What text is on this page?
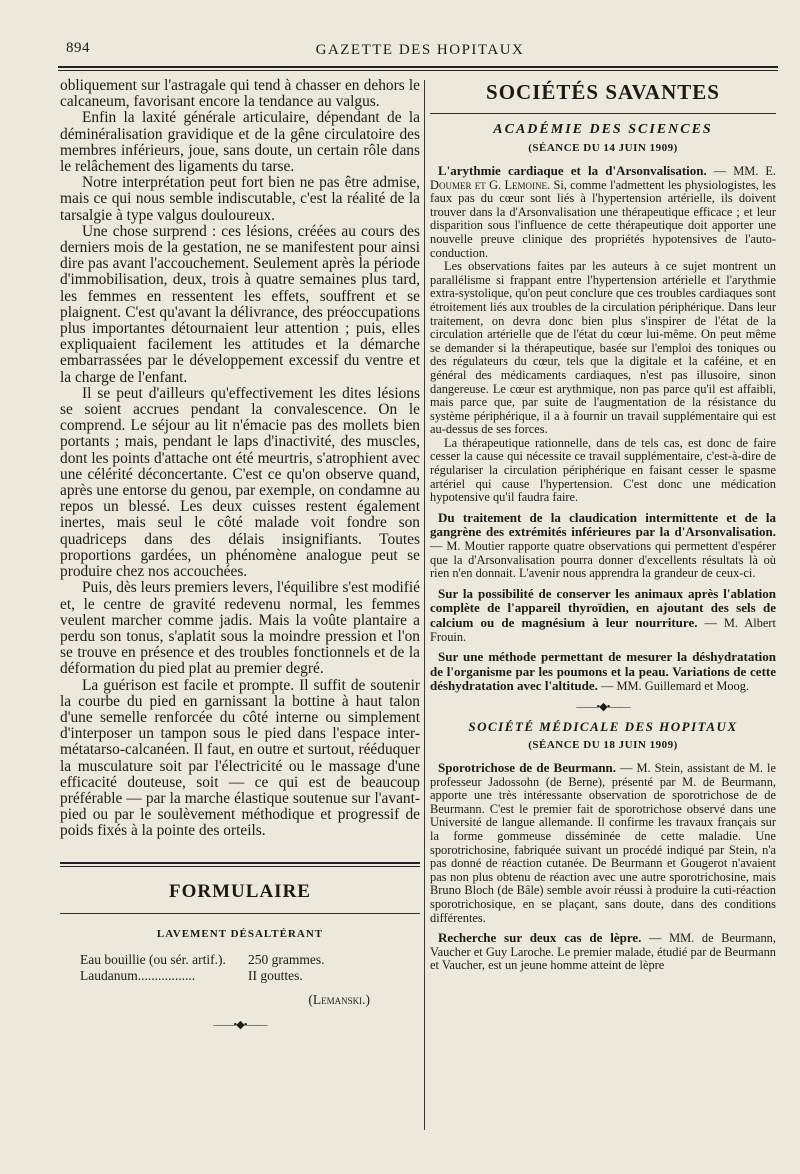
894	GAZETTE DES HOPITAUX

obliquement sur l'astragale qui tend à chasser en dehors le calcaneum, favorisant encore la tendance au valgus.

Enfin la laxité générale articulaire, dépendant de la déminéralisation gravidique et de la gêne circulatoire des membres inférieurs, joue, sans doute, un certain rôle dans le relâchement des ligaments du tarse.

Notre interprétation peut fort bien ne pas être admise, mais ce qui nous semble indiscutable, c'est la réalité de la tarsalgie à type valgus douloureux.

Une chose surprend : ces lésions, créées au cours des derniers mois de la gestation, ne se manifestent pour ainsi dire pas avant l'accouchement. Seulement après la période d'immobilisation, deux, trois à quatre semaines plus tard, les femmes en ressentent les effets, souffrent et se plaignent. C'est qu'avant la délivrance, des préoccupations plus importantes détournaient leur attention ; puis, elles expliquaient facilement les attitudes et la démarche embarrassées par le développement excessif du ventre et la charge de l'enfant.

Il se peut d'ailleurs qu'effectivement les dites lésions se soient accrues pendant la convalescence. On le comprend. Le séjour au lit n'émacie pas des mollets bien portants ; mais, pendant le laps d'inactivité, des muscles, dont les points d'attache ont été meurtris, s'atrophient avec une célérité déconcertante. C'est ce qu'on observe quand, après une entorse du genou, par exemple, on condamne au repos un blessé. Les deux cuisses restent également inertes, mais seul le côté malade voit fondre son quadriceps dans des délais insignifiants. Toutes proportions gardées, un phénomène analogue peut se produire chez nos accouchées.

Puis, dès leurs premiers levers, l'équilibre s'est modifié et, le centre de gravité redevenu normal, les femmes veulent marcher comme jadis. Mais la voûte plantaire a perdu son tonus, s'aplatit sous la moindre pression et l'on se trouve en présence et des troubles fonctionnels et de la déformation du pied plat au premier degré.

La guérison est facile et prompte. Il suffit de soutenir la courbe du pied en garnissant la bottine à haut talon d'une semelle renforcée du côté interne ou simplement d'interposer un tampon sous le pied dans l'espace inter-métatarso-calcanéen. Il faut, en outre et surtout, rééduquer la musculature soit par l'électricité ou le massage d'une efficacité douteuse, soit — ce qui est de beaucoup préférable — par la marche élastique soutenue sur l'avant-pied ou par le soulèvement méthodique et progressif de poids fixés à la pointe des orteils.

FORMULAIRE
LAVEMENT DÉSALTÉRANT
Eau bouillie (ou sér. artif.). 250 grammes.
Laudanum.................	II gouttes.
(Lemanski.)
——•◆•——
SOCIÉTÉS SAVANTES
ACADÉMIE DES SCIENCES
(SÉANCE DU 14 JUIN 1909)

L'arythmie cardiaque et la d'Arsonvalisation. — MM. E. Doumer et G. Lemoine. Si, comme l'admettent les physiologistes, les faux pas du cœur sont liés à l'hypertension artérielle, ils doivent trouver dans la d'Arsonvalisation une thérapeutique efficace ; et leur disparition sous l'influence de cette thérapeutique doit apporter une nouvelle preuve clinique des propriétés hypotensives de l'auto-conduction.

Les observations faites par les auteurs à ce sujet montrent un parallélisme si frappant entre l'hypertension artérielle et l'arythmie extra-systolique, qu'on peut conclure que ces troubles cardiaques sont étroitement liés aux troubles de la circulation périphérique. Dans leur traitement, on devra donc bien plus s'inspirer de l'état de la circulation artérielle que de l'état du cœur lui-même. On peut même se demander si la thérapeutique, basée sur l'emploi des toniques ou des régulateurs du cœur, tels que la digitale et la caféine, et en général des médicaments cardiaques, n'est pas illusoire, sinon dangereuse. Le cœur est arythmique, non pas parce qu'il est affaibli, mais parce que, par suite de l'augmentation de la résistance du système périphérique, il a à fournir un travail supplémentaire qui est au-dessus de ses forces.

La thérapeutique rationnelle, dans de tels cas, est donc de faire cesser la cause qui nécessite ce travail supplémentaire, c'est-à-dire de régulariser la circulation périphérique en faisant cesser le spasme artériel qui cause l'hypertension. C'est donc une médication hypotensive qu'il faudra faire.

Du traitement de la claudication intermittente et de la gangrène des extrémités inférieures par la d'Arsonvalisation. — M. Moutier rapporte quatre observations qui permettent d'espérer que la d'Arsonvalisation pourra donner d'excellents résultats là où rien n'en donnait. L'avenir nous apprendra la grandeur de ceux-ci.

Sur la possibilité de conserver les animaux après l'ablation complète de l'appareil thyroïdien, en ajoutant des sels de calcium ou de magnésium à leur nourriture. — M. Albert Frouin.

Sur une méthode permettant de mesurer la déshydratation de l'organisme par les poumons et la peau. Variations de cette déshydratation avec l'altitude. — MM. Guillemard et Moog.

——•◆•——
SOCIÉTÉ MÉDICALE DES HOPITAUX
(SÉANCE DU 18 JUIN 1909)

Sporotrichose de de Beurmann. — M. Stein, assistant de M. le professeur Jadossohn (de Berne), présenté par M. de Beurmann, apporte une très intéressante observation de sporotrichose de de Beurmann. C'est le premier fait de sporotrichose observé dans une Université de langue allemande. Il confirme les travaux français sur la forme gommeuse disséminée de cette maladie. Une sporotrichosine, fabriquée suivant un procédé indiqué par Stein, n'a pas donné de réaction cutanée. De Beurmann et Gougerot n'avaient pas non plus obtenu de réaction avec une autre sporotrichosine, mais Bruno Bloch (de Bâle) semble avoir réussi à produire la cuti-réaction sporotrichosique, en se plaçant, sans doute, dans des conditions différentes.

Recherche sur deux cas de lèpre. — MM. de Beurmann, Vaucher et Guy Laroche. Le premier malade, étudié par de Beurmann et Vaucher, est un jeune homme atteint de lèpre
